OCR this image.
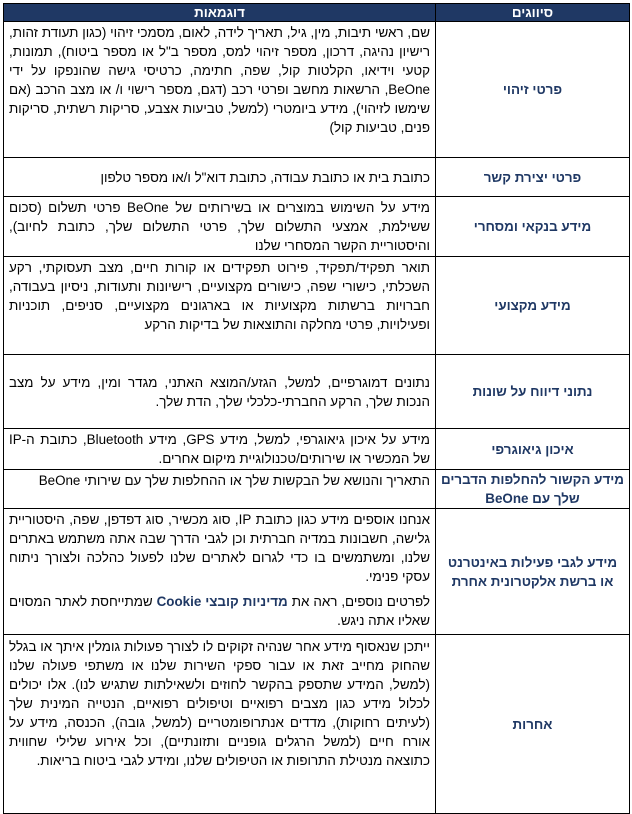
סיווגים	דוגמאות
פרטי זיהוי	שם, ראשי תיבות, מין, גיל, תאריך לידה, לאום, מסמכי זיהוי (כגון תעודת זהות, רישיון נהיגה, דרכון, מספר זיהוי למס, מספר ב"ל או מספר ביטוח), תמונות, קטעי וידיאו, הקלטות קול, שפה, חתימה, כרטיסי גישה שהונפקו על ידי BeOne, הרשאות מחשב ופרטי רכב (דגם, מספר רישוי ו/ או מצב הרכב (אם שימשו לזיהוי), מידע ביומטרי (למשל, טביעות אצבע, סריקות רשתית, סריקות פנים, טביעות קול)
פרטי יצירת קשר	כתובת בית או כתובת עבודה, כתובת דוא"ל ו/או מספר טלפון
מידע בנקאי ומסחרי	מידע על השימוש במוצרים או בשירותים של BeOne פרטי תשלום (סכום ששילמת, אמצעי התשלום שלך, פרטי התשלום שלך, כתובת לחיוב), והיסטוריית הקשר המסחרי שלנו
מידע מקצועי	תואר תפקיד/תפקיד, פירוט תפקידים או קורות חיים, מצב תעסוקתי, רקע השכלתי, כישורי שפה, כישורים מקצועיים, רישיונות ותעודות, ניסיון בעבודה, חברויות ברשתות מקצועיות או בארגונים מקצועיים, סניפים, תוכניות ופעילויות, פרטי מחלקה והתוצאות של בדיקות הרקע
נתוני דיווח על שונות	נתונים דמוגרפיים, למשל, הגזע/המוצא האתני, מגדר ומין, מידע על מצב הנכות שלך, הרקע החברתי-כלכלי שלך, הדת שלך.
איכון גיאוגרפי	מידע על איכון גיאוגרפי, למשל, מידע GPS, מידע Bluetooth, כתובת ה-IP של המכשיר או שירותים/טכנולוגיית מיקום אחרים.
מידע הקשור להחלפות הדברים שלך עם BeOne	התאריך והנושא של הבקשות שלך או ההחלפות שלך עם שירותי BeOne
מידע לגבי פעילות באינטרנט או ברשת אלקטרונית אחרת	אנחנו אוספים מידע כגון כתובת IP, סוג מכשיר, סוג דפדפן, שפה, היסטוריית גלישה, חשבונות במדיה חברתית וכן לגבי הדרך שבה אתה משתמש באתרים שלנו, ומשתמשים בו כדי לגרום לאתרים שלנו לפעול כהלכה ולצורך ניתוח עסקי פנימי.

לפרטים נוספים, ראה את מדיניות קובצי Cookie שמתייחסת לאתר המסוים שאליו אתה ניגש.

אחרות	ייתכן שנאסוף מידע אחר שנהיה זקוקים לו לצורך פעולות גומלין איתך או בגלל שהחוק מחייב זאת או עבור ספקי השירות שלנו או משתפי פעולה שלנו (למשל, המידע שתספק בהקשר לחוזים ולשאילתות שתגיש לנו). אלו יכולים לכלול מידע כגון מצבים רפואיים וטיפולים רפואיים, הנטייה המינית שלך (לעיתים רחוקות), מדדים אנתרופומטריים (למשל, גובה), הכנסה, מידע על אורח חיים (למשל הרגלים גופניים ותזונתיים), וכל אירוע שלילי שחווית כתוצאה מנטילת התרופות או הטיפולים שלנו, ומידע לגבי ביטוח בריאות.
